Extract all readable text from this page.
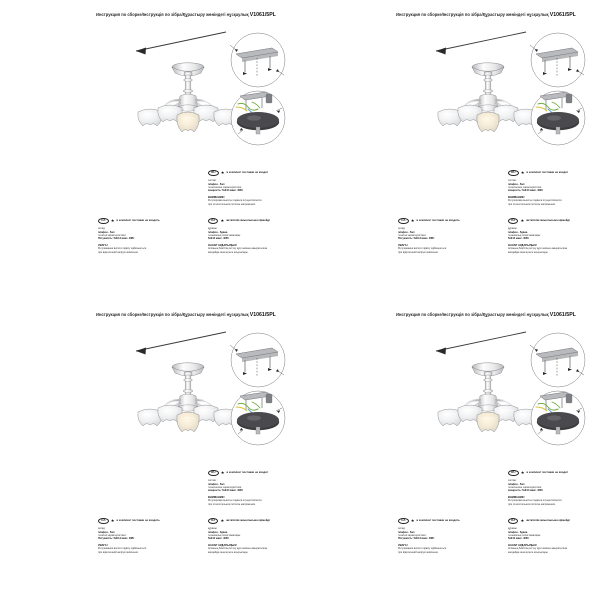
Инструкция по сборке/Інструкція по зібра/Құрастыру жөніндегі нұсқаулық V1061/5PL
RU	★ в комплект поставки не входит
состав:
плафон - 5шт.
технические характеристики:
мощность: 5xE14 макс. 40Вт
ВНИМАНИЕ!
Регулировка высоты подвеса осуществляется
при относительном потолке напряжения.
UA	★ в комплект поставки не входить
склад:
плафон - 5шт.
технічні характеристики:
Потужність: 5xE14 макс. 40Вт
УВАГА!
Регулювання висоти підвісу здійснюється
при відключеній напрузі живлення.
KZ	★ жеткізілім жиынтығына кірмейді
құрамы:
плафон - 5дана.
техникалық сипаттамалары:
5xE14 макс. 40Вт
НАЗАР АУДАРЫҢЫЗ!
Аспаның биіктігін реттеу кұат көзінен ажыратылған
жағдайда ғана жүзеге асырылады.
Инструкция по сборке/Інструкція по зібра/Құрастыру жөніндегі нұсқаулық V1061/5PL
RU	★ в комплект поставки не входит
состав:
плафон - 5шт.
технические характеристики:
мощность: 5xE14 макс. 40Вт
ВНИМАНИЕ!
Регулировка высоты подвеса осуществляется
при относительном потолке напряжения.
UA	★ в комплект поставки не входить
склад:
плафон - 5шт.
технічні характеристики:
Потужність: 5xE14 макс. 40Вт
УВАГА!
Регулювання висоти підвісу здійснюється
при відключеній напрузі живлення.
KZ	★ жеткізілім жиынтығына кірмейді
құрамы:
плафон - 5дана.
техникалық сипаттамалары:
5xE14 макс. 40Вт
НАЗАР АУДАРЫҢЫЗ!
Аспаның биіктігін реттеу кұат көзінен ажыратылған
жағдайда ғана жүзеге асырылады.
Инструкция по сборке/Інструкція по зібра/Құрастыру жөніндегі нұсқаулық V1061/5PL
RU	★ в комплект поставки не входит
состав:
плафон - 5шт.
технические характеристики:
мощность: 5xE14 макс. 40Вт
ВНИМАНИЕ!
Регулировка высоты подвеса осуществляется
при относительном потолке напряжения.
UA	★ в комплект поставки не входить
склад:
плафон - 5шт.
технічні характеристики:
Потужність: 5xE14 макс. 40Вт
УВАГА!
Регулювання висоти підвісу здійснюється
при відключеній напрузі живлення.
KZ	★ жеткізілім жиынтығына кірмейді
құрамы:
плафон - 5дана.
техникалық сипаттамалары:
5xE14 макс. 40Вт
НАЗАР АУДАРЫҢЫЗ!
Аспаның биіктігін реттеу кұат көзінен ажыратылған
жағдайда ғана жүзеге асырылады.
Инструкция по сборке/Інструкція по зібра/Құрастыру жөніндегі нұсқаулық V1061/5PL
RU	★ в комплект поставки не входит
состав:
плафон - 5шт.
технические характеристики:
мощность: 5xE14 макс. 40Вт
ВНИМАНИЕ!
Регулировка высоты подвеса осуществляется
при относительном потолке напряжения.
UA	★ в комплект поставки не входить
склад:
плафон - 5шт.
технічні характеристики:
Потужність: 5xE14 макс. 40Вт
УВАГА!
Регулювання висоти підвісу здійснюється
при відключеній напрузі живлення.
KZ	★ жеткізілім жиынтығына кірмейді
құрамы:
плафон - 5дана.
техникалық сипаттамалары:
5xE14 макс. 40Вт
НАЗАР АУДАРЫҢЫЗ!
Аспаның биіктігін реттеу кұат көзінен ажыратылған
жағдайда ғана жүзеге асырылады.
